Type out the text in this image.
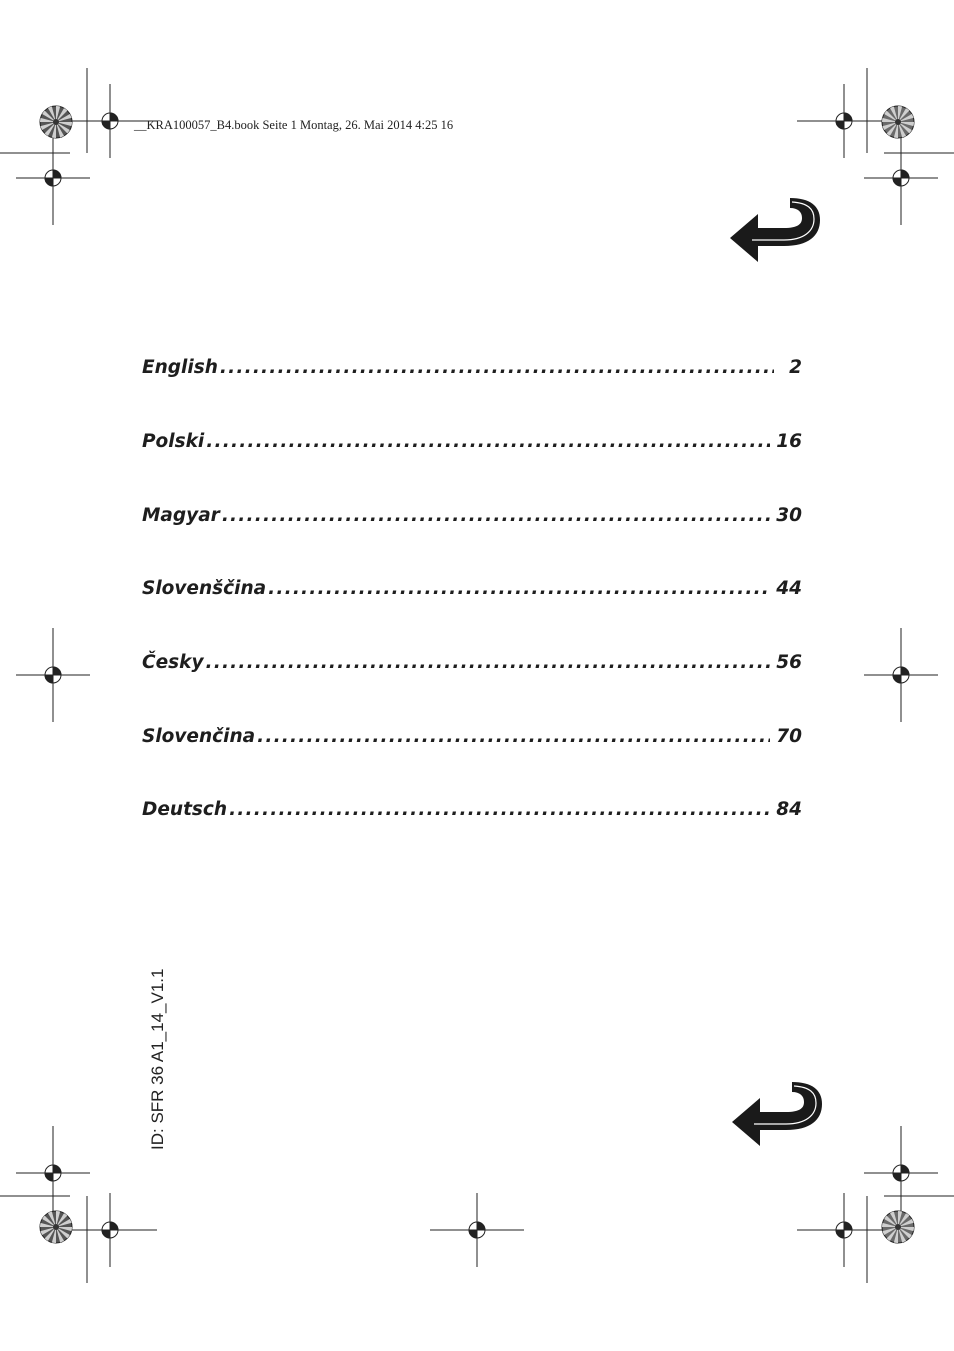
__KRA100057_B4.book Seite 1 Montag, 26. Mai 2014 4:25 16
English .....	2
Polski .....	16
Magyar .....	30
Slovenščina .....	44
Česky .....	56
Slovenčina .....	70
Deutsch .....	84
ID: SFR 36 A1_14_V1.1
